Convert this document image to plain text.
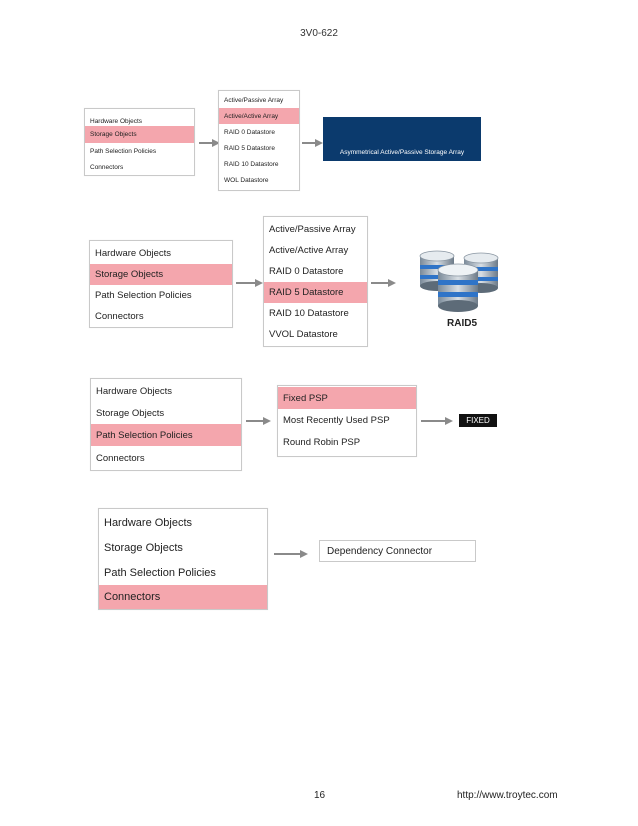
3V0-622
Hardware Objects
Storage Objects
Path Selection Policies
Connectors
Active/Passive Array
Active/Active Array
RAID 0 Datastore
RAID 5 Datastore
RAID 10 Datastore
WOL Datastore
Asymmetrical Active/Passive Storage Array
Hardware Objects
Storage Objects
Path Selection Policies
Connectors
Active/Passive Array
Active/Active Array
RAID 0 Datastore
RAID 5 Datastore
RAID 10 Datastore
VVOL Datastore
RAID5
Hardware Objects
Storage Objects
Path Selection Policies
Connectors
Fixed PSP
Most Recently Used PSP
Round Robin PSP
FIXED
Hardware Objects
Storage Objects
Path Selection Policies
Connectors
Dependency Connector
16	http://www.troytec.com
